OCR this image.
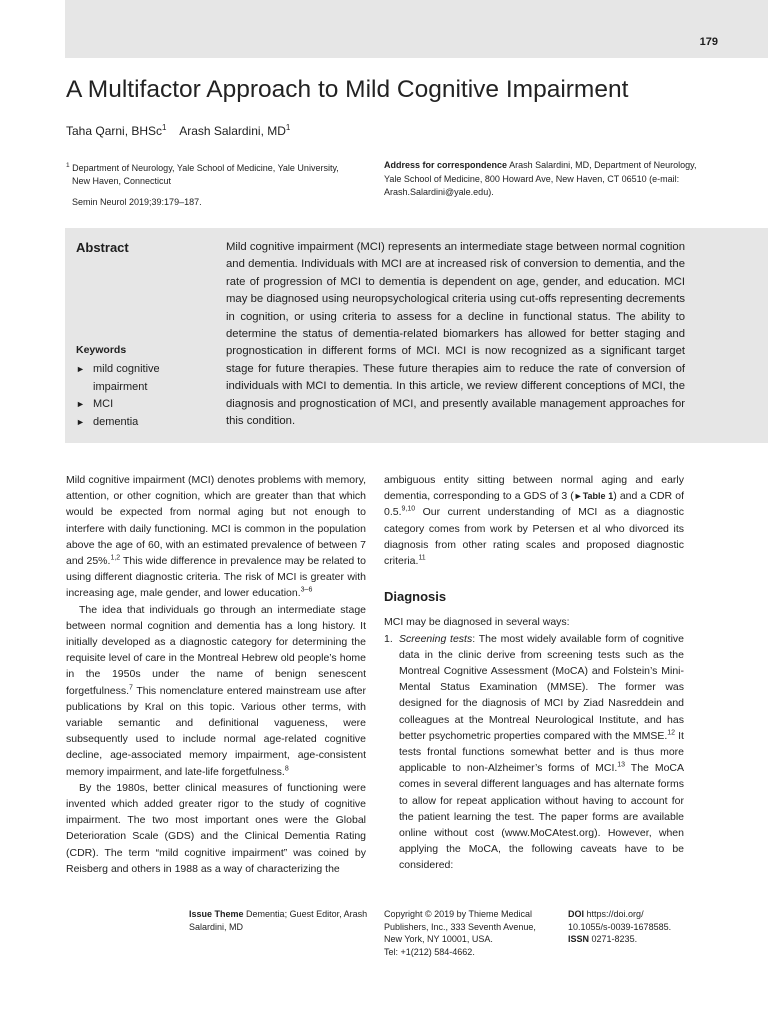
179
A Multifactor Approach to Mild Cognitive Impairment
Taha Qarni, BHSc$^1$ Arash Salardini, $MD^1$
$^1$ Department of Neurology, Yale School of Medicine, Yale University,
New Haven, Connecticut
Semin Neurol 2019;39:179–187.
Address for correspondence Arash Salardini, MD, Department of Neurology, Yale School of Medicine, 800 Howard Ave, New Haven, CT 06510 (e-mail: Arash.Salardini@yale.edu).
Abstract	Mild cognitive impairment (MCI) represents an intermediate stage between normal cognition and dementia. Individuals with MCI are at increased risk of conversion to dementia, and the rate of progression of MCI to dementia is dependent on age, gender, and education. MCI may be diagnosed using neuropsychological criteria using cut-offs representing decrements in cognition, or using criteria to assess for a decline in functional status. The ability to determine the status of dementia-related biomarkers has allowed for better staging and prognostication in different forms of MCI. MCI is now recognized as a significant target stage for future therapies. These future therapies aim to reduce the rate of conversion of individuals with MCI to dementia. In this article, we review different conceptions of MCI, the diagnosis and prognostication of MCI, and presently available management approaches for this condition.
Keywords
► mild cognitive impairment
► MCI
► dementia

Mild cognitive impairment (MCI) denotes problems with memory, attention, or other cognition, which are greater than that which would be expected from normal aging but not enough to interfere with daily functioning. MCI is common in the population above the age of 60, with an estimated prevalence of between 7 and 25%.$^{1,2}$ This wide difference in prevalence may be related to using different diagnostic criteria. The risk of MCI is greater with increasing age, male gender, and lower education.$^{3-6}$

The idea that individuals go through an intermediate stage between normal cognition and dementia has a long history. It initially developed as a diagnostic category for determining the requisite level of care in the Montreal Hebrew old people’s home in the 1950s under the name of benign senescent forgetfulness.$^7$ This nomenclature entered mainstream use after publications by Kral on this topic. Various other terms, with variable semantic and definitional vagueness, were subsequently used to include normal age-related cognitive decline, age-associated memory impairment, age-consistent memory impairment, and late-life forgetfulness.$^8$

By the 1980s, better clinical measures of functioning were invented which added greater rigor to the study of cognitive impairment. The two most important ones were the Global Deterioration Scale (GDS) and the Clinical Dementia Rating (CDR). The term “mild cognitive impairment” was coined by Reisberg and others in 1988 as a way of characterizing the

ambiguous entity sitting between normal aging and early dementia, corresponding to a GDS of 3 (►Table 1) and a CDR of 0.5.$^{9,10}$ Our current understanding of MCI as a diagnostic category comes from work by Petersen et al who divorced its diagnosis from other rating scales and proposed diagnostic criteria.$^{11}$

Diagnosis

MCI may be diagnosed in several ways:

1. Screening tests: The most widely available form of cognitive data in the clinic derive from screening tests such as the Montreal Cognitive Assessment (MoCA) and Folstein’s Mini-Mental Status Examination (MMSE). The former was designed for the diagnosis of MCI by Ziad Nasreddein and colleagues at the Montreal Neurological Institute, and has better psychometric properties compared with the MMSE.$^{12}$ It tests frontal functions somewhat better and is thus more applicable to non-Alzheimer’s forms of MCI.$^{13}$ The MoCA comes in several different languages and has alternate forms to allow for repeat application without having to account for the patient learning the test. The paper forms are available online without cost (www.MoCAtest.org). However, when applying the MoCA, the following caveats have to be considered:

Issue Theme Dementia; Guest Editor, Arash Salardini, MD
Copyright © 2019 by Thieme Medical
Publishers, Inc., 333 Seventh Avenue,
New York, NY 10001, USA.
Tel: +1(212) 584-4662.
DOI https://doi.org/
10.1055/s-0039-1678585.
ISSN 0271-8235.
